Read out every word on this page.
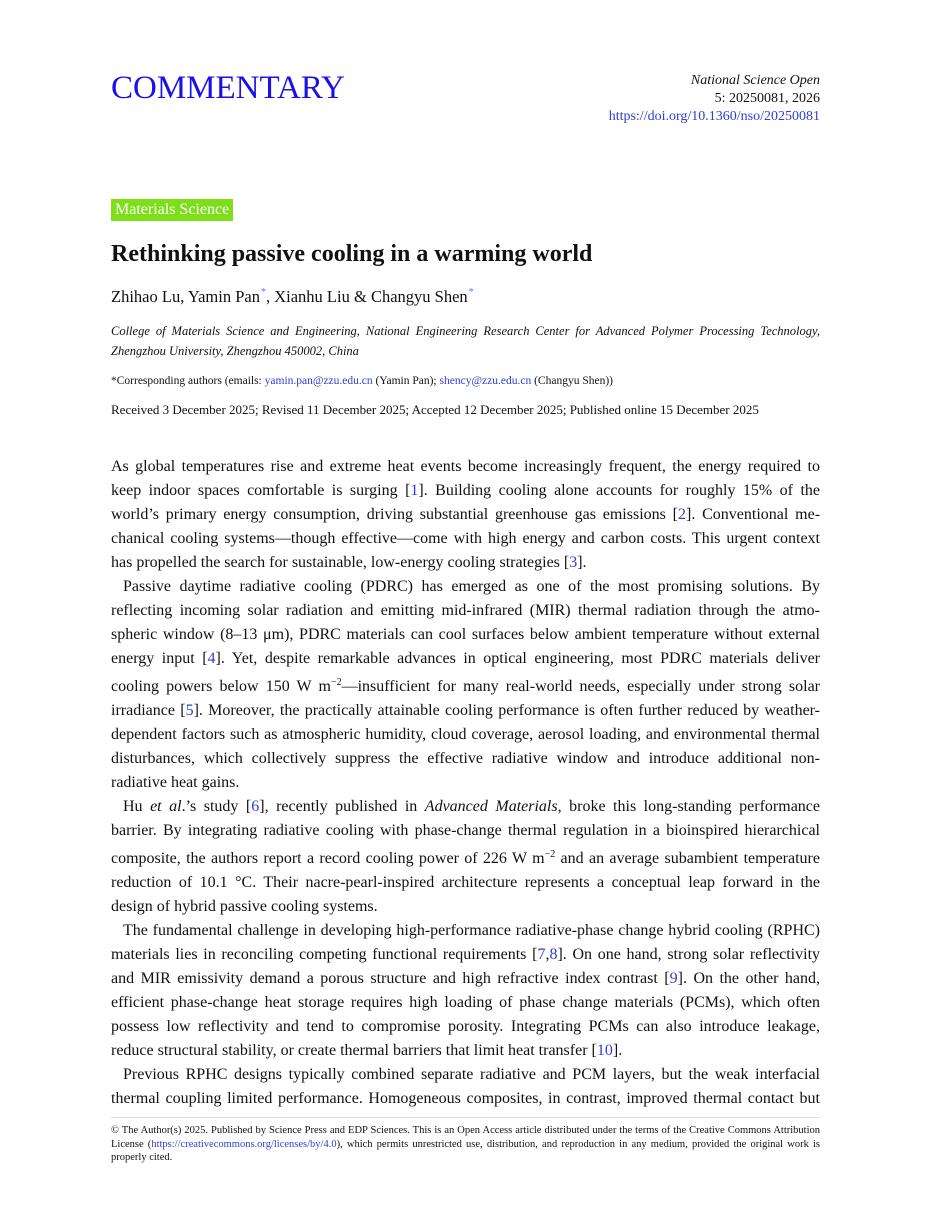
COMMENTARY	National Science Open
5: 20250081, 2026
https://doi.org/10.1360/nso/20250081
Materials Science
Rethinking passive cooling in a warming world
Zhihao Lu, Yamin Pan*, Xianhu Liu & Changyu Shen*
College of Materials Science and Engineering, National Engineering Research Center for Advanced Polymer Processing Technology, Zhengzhou University, Zhengzhou 450002, China
*Corresponding authors (emails: yamin.pan@zzu.edu.cn (Yamin Pan); shency@zzu.edu.cn (Changyu Shen))
Received 3 December 2025; Revised 11 December 2025; Accepted 12 December 2025; Published online 15 December 2025

As global temperatures rise and extreme heat events become increasingly frequent, the energy required to keep indoor spaces comfortable is surging [1]. Building cooling alone accounts for roughly 15% of the world’s primary energy consumption, driving substantial greenhouse gas emissions [2]. Conventional mechanical cooling systems—though effective—come with high energy and carbon costs. This urgent context has propelled the search for sustainable, low-energy cooling strategies [3].

Passive daytime radiative cooling (PDRC) has emerged as one of the most promising solutions. By reflecting incoming solar radiation and emitting mid-infrared (MIR) thermal radiation through the atmospheric window (8–13 μm), PDRC materials can cool surfaces below ambient temperature without external energy input [4]. Yet, despite remarkable advances in optical engineering, most PDRC materials deliver cooling powers below 150 W $m^{-2}—insufficient$ for many real-world needs, especially under strong solar irradiance [5]. Moreover, the practically attainable cooling performance is often further reduced by weather-dependent factors such as atmospheric humidity, cloud coverage, aerosol loading, and environmental thermal disturbances, which collectively suppress the effective radiative window and introduce additional non-radiative heat gains.

Hu et al.’s study [6], recently published in Advanced Materials, broke this long-standing performance barrier. By integrating radiative cooling with phase-change thermal regulation in a bioinspired hierarchical composite, the authors report a record cooling power of 226 W $m^{-2}$ and an average subambient temperature reduction of 10.1 °C. Their nacre-pearl-inspired architecture represents a conceptual leap forward in the design of hybrid passive cooling systems.

The fundamental challenge in developing high-performance radiative-phase change hybrid cooling (RPHC) materials lies in reconciling competing functional requirements [7,8]. On one hand, strong solar reflectivity and MIR emissivity demand a porous structure and high refractive index contrast [9]. On the other hand, efficient phase-change heat storage requires high loading of phase change materials (PCMs), which often possess low reflectivity and tend to compromise porosity. Integrating PCMs can also introduce leakage, reduce structural stability, or create thermal barriers that limit heat transfer [10].

Previous RPHC designs typically combined separate radiative and PCM layers, but the weak interfacial thermal coupling limited performance. Homogeneous composites, in contrast, improved thermal contact but

© The Author(s) 2025. Published by Science Press and EDP Sciences. This is an Open Access article distributed under the terms of the Creative Commons Attribution License (https://creativecommons.org/licenses/by/4.0), which permits unrestricted use, distribution, and reproduction in any medium, provided the original work is properly cited.
